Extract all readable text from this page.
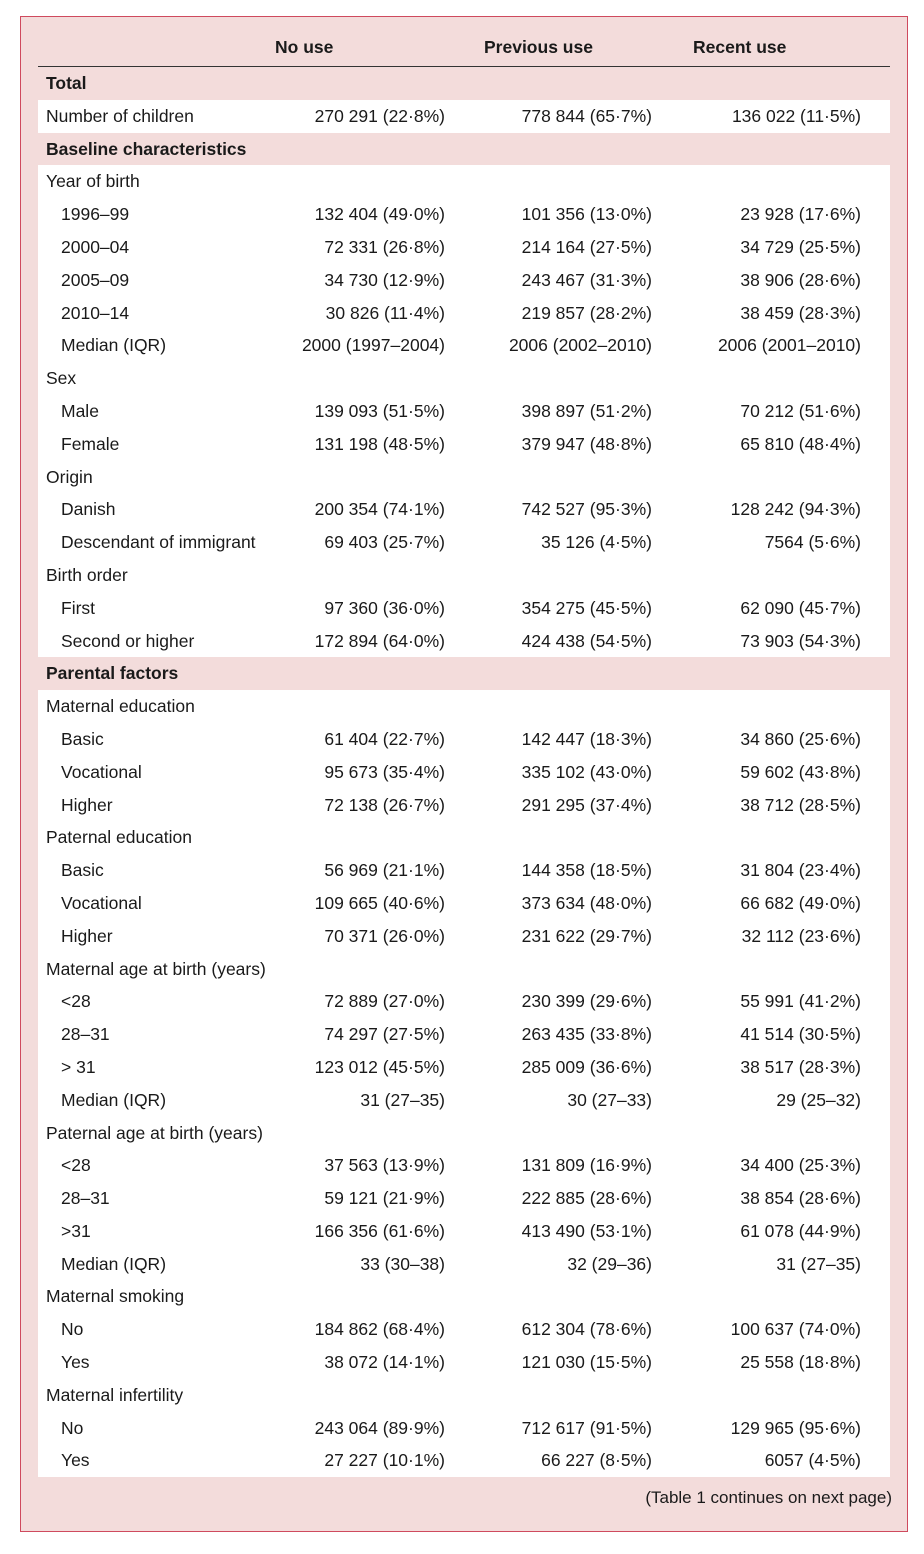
No use	Previous use	Recent use
Total
Number of children	270 291 (22·8%)	778 844 (65·7%)	136 022 (11·5%)
Baseline characteristics
Year of birth
1996–99	132 404 (49·0%)	101 356 (13·0%)	23 928 (17·6%)
2000–04	72 331 (26·8%)	214 164 (27·5%)	34 729 (25·5%)
2005–09	34 730 (12·9%)	243 467 (31·3%)	38 906 (28·6%)
2010–14	30 826 (11·4%)	219 857 (28·2%)	38 459 (28·3%)
Median (IQR)	2000 (1997–2004)	2006 (2002–2010)	2006 (2001–2010)
Sex
Male	139 093 (51·5%)	398 897 (51·2%)	70 212 (51·6%)
Female	131 198 (48·5%)	379 947 (48·8%)	65 810 (48·4%)
Origin
Danish	200 354 (74·1%)	742 527 (95·3%)	128 242 (94·3%)
Descendant of immigrant	69 403 (25·7%)	35 126 (4·5%)	7564 (5·6%)
Birth order
First	97 360 (36·0%)	354 275 (45·5%)	62 090 (45·7%)
Second or higher	172 894 (64·0%)	424 438 (54·5%)	73 903 (54·3%)
Parental factors
Maternal education
Basic	61 404 (22·7%)	142 447 (18·3%)	34 860 (25·6%)
Vocational	95 673 (35·4%)	335 102 (43·0%)	59 602 (43·8%)
Higher	72 138 (26·7%)	291 295 (37·4%)	38 712 (28·5%)
Paternal education
Basic	56 969 (21·1%)	144 358 (18·5%)	31 804 (23·4%)
Vocational	109 665 (40·6%)	373 634 (48·0%)	66 682 (49·0%)
Higher	70 371 (26·0%)	231 622 (29·7%)	32 112 (23·6%)
Maternal age at birth (years)
<28	72 889 (27·0%)	230 399 (29·6%)	55 991 (41·2%)
28–31	74 297 (27·5%)	263 435 (33·8%)	41 514 (30·5%)
> 31	123 012 (45·5%)	285 009 (36·6%)	38 517 (28·3%)
Median (IQR)	31 (27–35)	30 (27–33)	29 (25–32)
Paternal age at birth (years)
<28	37 563 (13·9%)	131 809 (16·9%)	34 400 (25·3%)
28–31	59 121 (21·9%)	222 885 (28·6%)	38 854 (28·6%)
>31	166 356 (61·6%)	413 490 (53·1%)	61 078 (44·9%)
Median (IQR)	33 (30–38)	32 (29–36)	31 (27–35)
Maternal smoking
No	184 862 (68·4%)	612 304 (78·6%)	100 637 (74·0%)
Yes	38 072 (14·1%)	121 030 (15·5%)	25 558 (18·8%)
Maternal infertility
No	243 064 (89·9%)	712 617 (91·5%)	129 965 (95·6%)
Yes	27 227 (10·1%)	66 227 (8·5%)	6057 (4·5%)
(Table 1 continues on next page)
